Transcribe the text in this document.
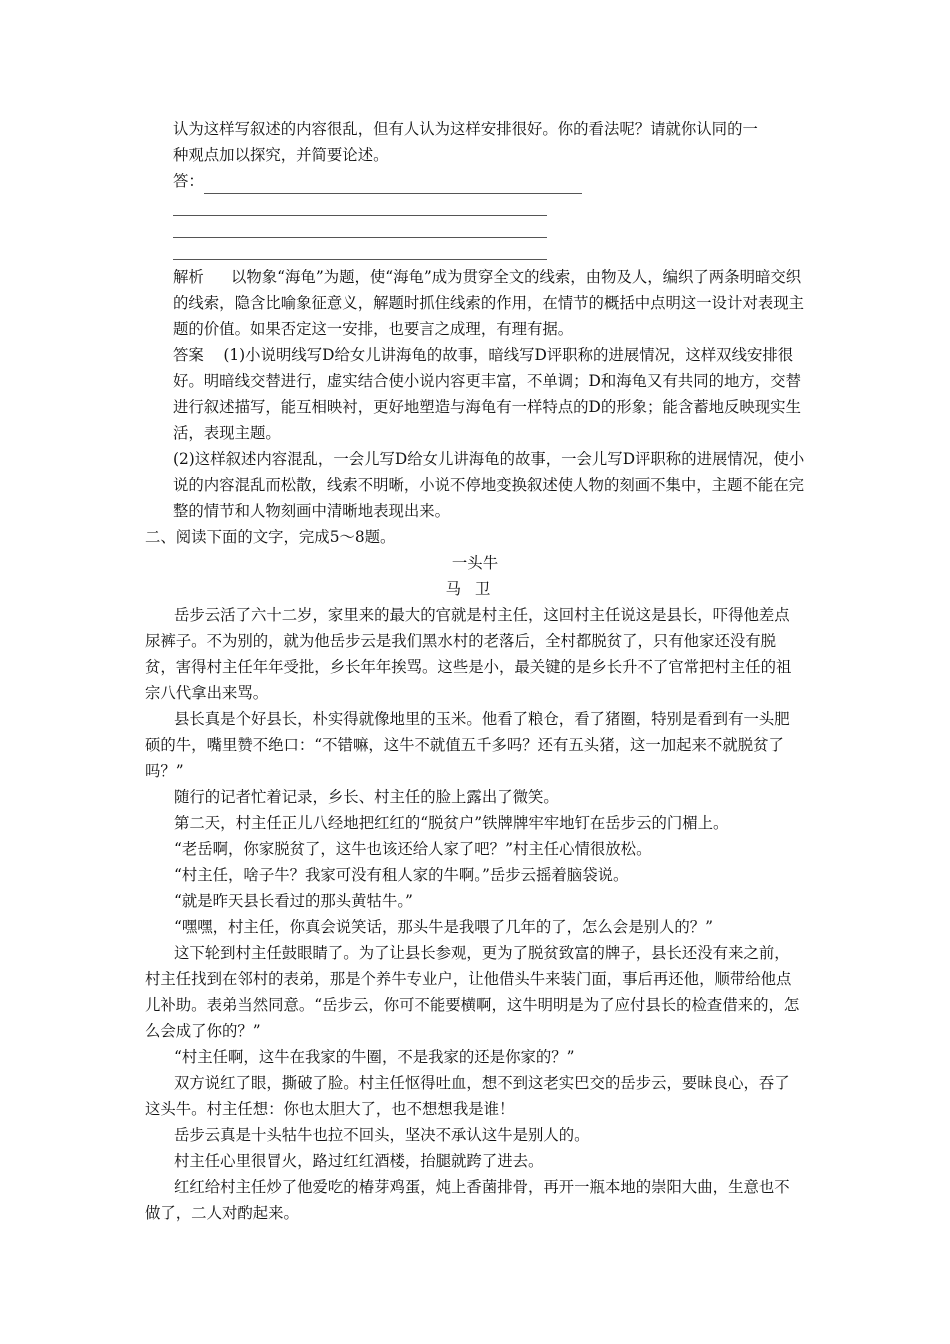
认为这样写叙述的内容很乱，但有人认为这样安排很好。你的看法呢？请就你认同的一

种观点加以探究，并简要论述。

答：

解析 以物象“海龟”为题，使“海龟”成为贯穿全文的线索，由物及人，编织了两条明暗交织的线索，隐含比喻象征意义，解题时抓住线索的作用，在情节的概括中点明这一设计对表现主题的价值。如果否定这一安排，也要言之成理，有理有据。

答案 (1)小说明线写D给女儿讲海龟的故事，暗线写D评职称的进展情况，这样双线安排很好。明暗线交替进行，虚实结合使小说内容更丰富，不单调；D和海龟又有共同的地方，交替进行叙述描写，能互相映衬，更好地塑造与海龟有一样特点的D的形象；能含蓄地反映现实生活，表现主题。

(2)这样叙述内容混乱，一会儿写D给女儿讲海龟的故事，一会儿写D评职称的进展情况，使小说的内容混乱而松散，线索不明晰，小说不停地变换叙述使人物的刻画不集中，主题不能在完整的情节和人物刻画中清晰地表现出来。

二、阅读下面的文字，完成5～8题。
一头牛
马卫

岳步云活了六十二岁，家里来的最大的官就是村主任，这回村主任说这是县长，吓得他差点尿裤子。不为别的，就为他岳步云是我们黑水村的老落后，全村都脱贫了，只有他家还没有脱贫，害得村主任年年受批，乡长年年挨骂。这些是小，最关键的是乡长升不了官常把村主任的祖宗八代拿出来骂。

县长真是个好县长，朴实得就像地里的玉米。他看了粮仓，看了猪圈，特别是看到有一头肥硕的牛，嘴里赞不绝口：“不错嘛，这牛不就值五千多吗？还有五头猪，这一加起来不就脱贫了吗？”

随行的记者忙着记录，乡长、村主任的脸上露出了微笑。

第二天，村主任正儿八经地把红红的“脱贫户”铁牌牌牢牢地钉在岳步云的门楣上。

“老岳啊，你家脱贫了，这牛也该还给人家了吧？”村主任心情很放松。

“村主任，啥子牛？我家可没有租人家的牛啊。”岳步云摇着脑袋说。

“就是昨天县长看过的那头黄牯牛。”

“嘿嘿，村主任，你真会说笑话，那头牛是我喂了几年的了，怎么会是别人的？”

这下轮到村主任鼓眼睛了。为了让县长参观，更为了脱贫致富的牌子，县长还没有来之前，村主任找到在邻村的表弟，那是个养牛专业户，让他借头牛来装门面，事后再还他，顺带给他点儿补助。表弟当然同意。“岳步云，你可不能要横啊，这牛明明是为了应付县长的检查借来的，怎么会成了你的？”

“村主任啊，这牛在我家的牛圈，不是我家的还是你家的？”

双方说红了眼，撕破了脸。村主任怄得吐血，想不到这老实巴交的岳步云，要昧良心，吞了这头牛。村主任想：你也太胆大了，也不想想我是谁！

岳步云真是十头牯牛也拉不回头，坚决不承认这牛是别人的。

村主任心里很冒火，路过红红酒楼，抬腿就跨了进去。

红红给村主任炒了他爱吃的椿芽鸡蛋，炖上香菌排骨，再开一瓶本地的崇阳大曲，生意也不做了，二人对酌起来。
